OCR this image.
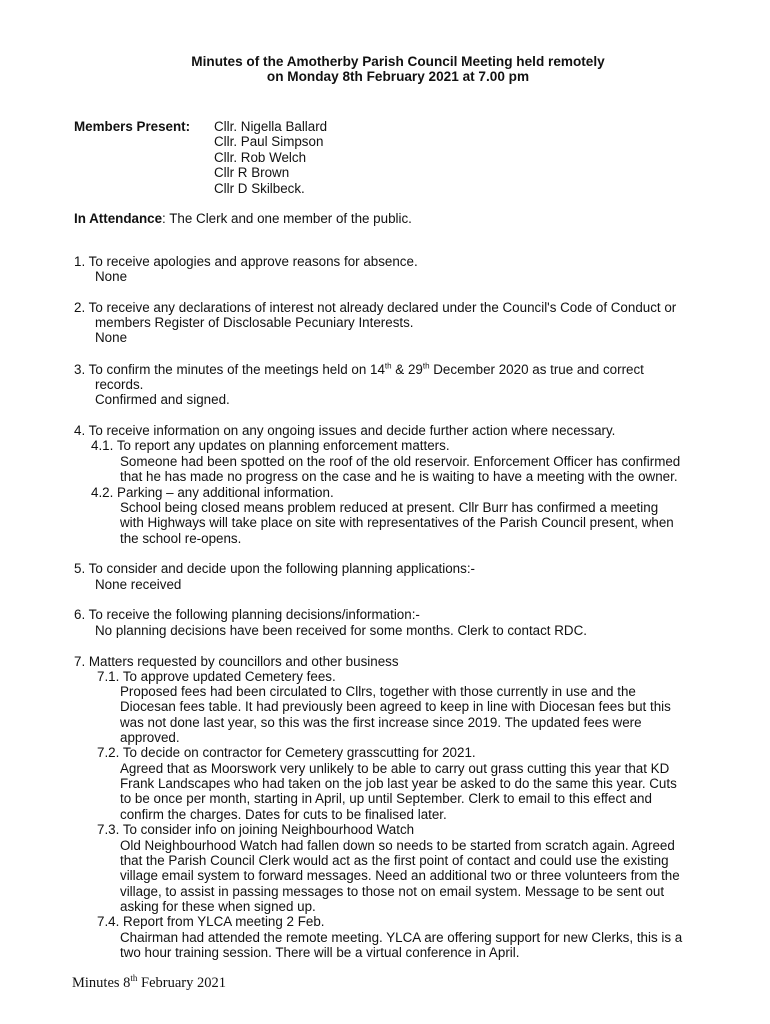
Minutes of the Amotherby Parish Council Meeting held remotely
on Monday 8th February 2021 at 7.00 pm
Members Present: Cllr. Nigella Ballard
Cllr. Paul Simpson
Cllr. Rob Welch
Cllr R Brown
Cllr D Skilbeck.
In Attendance: The Clerk and one member of the public.
1. To receive apologies and approve reasons for absence.
None
2. To receive any declarations of interest not already declared under the Council's Code of Conduct or
members Register of Disclosable Pecuniary Interests.
None
3. To confirm the minutes of the meetings held on 14th & 29th December 2020 as true and correct
records.
Confirmed and signed.
4. To receive information on any ongoing issues and decide further action where necessary.
4.1. To report any updates on planning enforcement matters.
Someone had been spotted on the roof of the old reservoir. Enforcement Officer has confirmed
that he has made no progress on the case and he is waiting to have a meeting with the owner.
4.2. Parking – any additional information.
School being closed means problem reduced at present. Cllr Burr has confirmed a meeting
with Highways will take place on site with representatives of the Parish Council present, when
the school re-opens.
5. To consider and decide upon the following planning applications:-
None received
6. To receive the following planning decisions/information:-
No planning decisions have been received for some months. Clerk to contact RDC.
7. Matters requested by councillors and other business
7.1. To approve updated Cemetery fees.
Proposed fees had been circulated to Cllrs, together with those currently in use and the
Diocesan fees table. It had previously been agreed to keep in line with Diocesan fees but this
was not done last year, so this was the first increase since 2019. The updated fees were
approved.
7.2. To decide on contractor for Cemetery grasscutting for 2021.
Agreed that as Moorswork very unlikely to be able to carry out grass cutting this year that KD
Frank Landscapes who had taken on the job last year be asked to do the same this year. Cuts
to be once per month, starting in April, up until September. Clerk to email to this effect and
confirm the charges. Dates for cuts to be finalised later.
7.3. To consider info on joining Neighbourhood Watch
Old Neighbourhood Watch had fallen down so needs to be started from scratch again. Agreed
that the Parish Council Clerk would act as the first point of contact and could use the existing
village email system to forward messages. Need an additional two or three volunteers from the
village, to assist in passing messages to those not on email system. Message to be sent out
asking for these when signed up.
7.4. Report from YLCA meeting 2 Feb.
Chairman had attended the remote meeting. YLCA are offering support for new Clerks, this is a
two hour training session. There will be a virtual conference in April.
Minutes 8th February 2021
